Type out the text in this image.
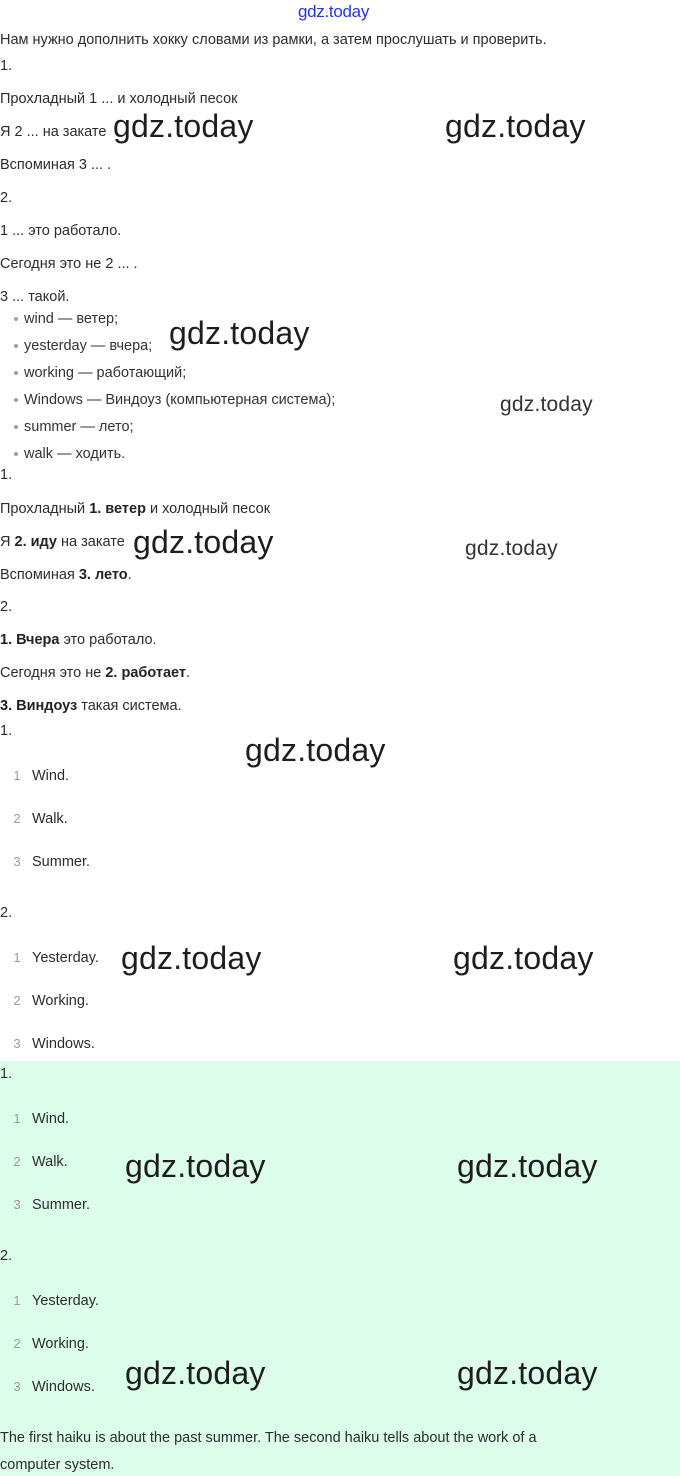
gdz.today
Нам нужно дополнить хокку словами из рамки, а затем прослушать и проверить.
1.
Прохладный 1 ... и холодный песок
Я 2 ... на закате
Вспоминая 3 ... .
2.
1 ... это работало.
Сегодня это не 2 ... .
3 ... такой.
wind — ветер;
yesterday — вчера;
working — работающий;
Windows — Виндоуз (компьютерная система);
summer — лето;
walk — ходить.
1.
Прохладный 1. ветер и холодный песок
Я 2. иду на закате
Вспоминая 3. лето.
2.
1. Вчера это работало.
Сегодня это не 2. работает.
3. Виндоуз такая система.
1.
1 Wind.
2 Walk.
3 Summer.
2.
1 Yesterday.
2 Working.
3 Windows.
1.
1 Wind.
2 Walk.
3 Summer.
2.
1 Yesterday.
2 Working.
3 Windows.
The first haiku is about the past summer. The second haiku tells about the work of a
computer system.
gdz.today	gdz.today
gdz.today
gdz.today
gdz.today	gdz.today
gdz.today
gdz.today	gdz.today
gdz.today	gdz.today
gdz.today	gdz.today
